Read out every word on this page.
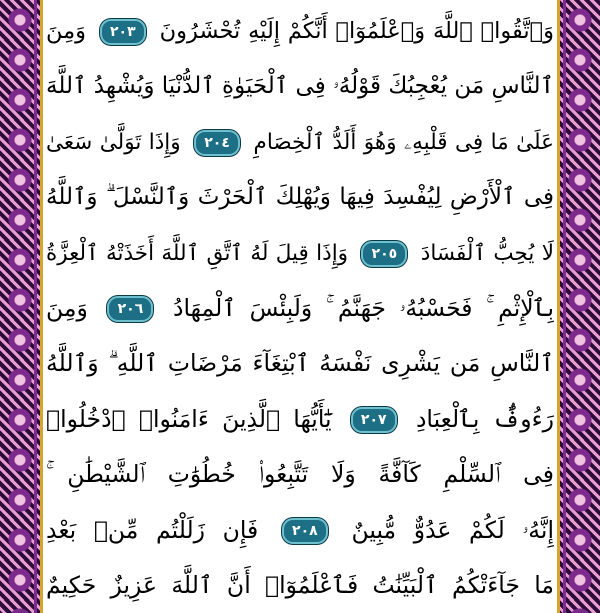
وَٱتَّقُوا۟ ٱللَّهَ وَٱعْلَمُوٓا۟ أَنَّكُمْ إِلَيْهِ تُحْشَرُونَ ٢٠٣ وَمِنَ
ٱلنَّاسِ مَن يُعْجِبُكَ قَوْلُهُۥ فِى ٱلْحَيَوٰةِ ٱلدُّنْيَا وَيُشْهِدُ ٱللَّهَ
عَلَىٰ مَا فِى قَلْبِهِۦ وَهُوَ أَلَدُّ ٱلْخِصَامِ ٢٠٤ وَإِذَا تَوَلَّىٰ سَعَىٰ
فِى ٱلْأَرْضِ لِيُفْسِدَ فِيهَا وَيُهْلِكَ ٱلْحَرْثَ وَٱلنَّسْلَ ۗ وَٱللَّهُ
لَا يُحِبُّ ٱلْفَسَادَ ٢٠٥ وَإِذَا قِيلَ لَهُ ٱتَّقِ ٱللَّهَ أَخَذَتْهُ ٱلْعِزَّةُ
بِٱلْإِثْمِ ۚ فَحَسْبُهُۥ جَهَنَّمُ ۚ وَلَبِئْسَ ٱلْمِهَادُ ٢٠٦ وَمِنَ
ٱلنَّاسِ مَن يَشْرِى نَفْسَهُ ٱبْتِغَآءَ مَرْضَاتِ ٱللَّهِ ۗ وَٱللَّهُ
رَءُوفٌۢ بِٱلْعِبَادِ ٢٠٧ يَٰٓأَيُّهَا ٱلَّذِينَ ءَامَنُوا۟ ٱدْخُلُوا۟
فِى ٱلسِّلْمِ كَآفَّةً وَلَا تَتَّبِعُوا۟ خُطُوَٰتِ ٱلشَّيْطَٰنِ ۚ
إِنَّهُۥ لَكُمْ عَدُوٌّ مُّبِينٌ ٢٠٨ فَإِن زَلَلْتُم مِّنۢ بَعْدِ
مَا جَآءَتْكُمُ ٱلْبَيِّنَٰتُ فَٱعْلَمُوٓا۟ أَنَّ ٱللَّهَ عَزِيزٌ حَكِيمٌ
